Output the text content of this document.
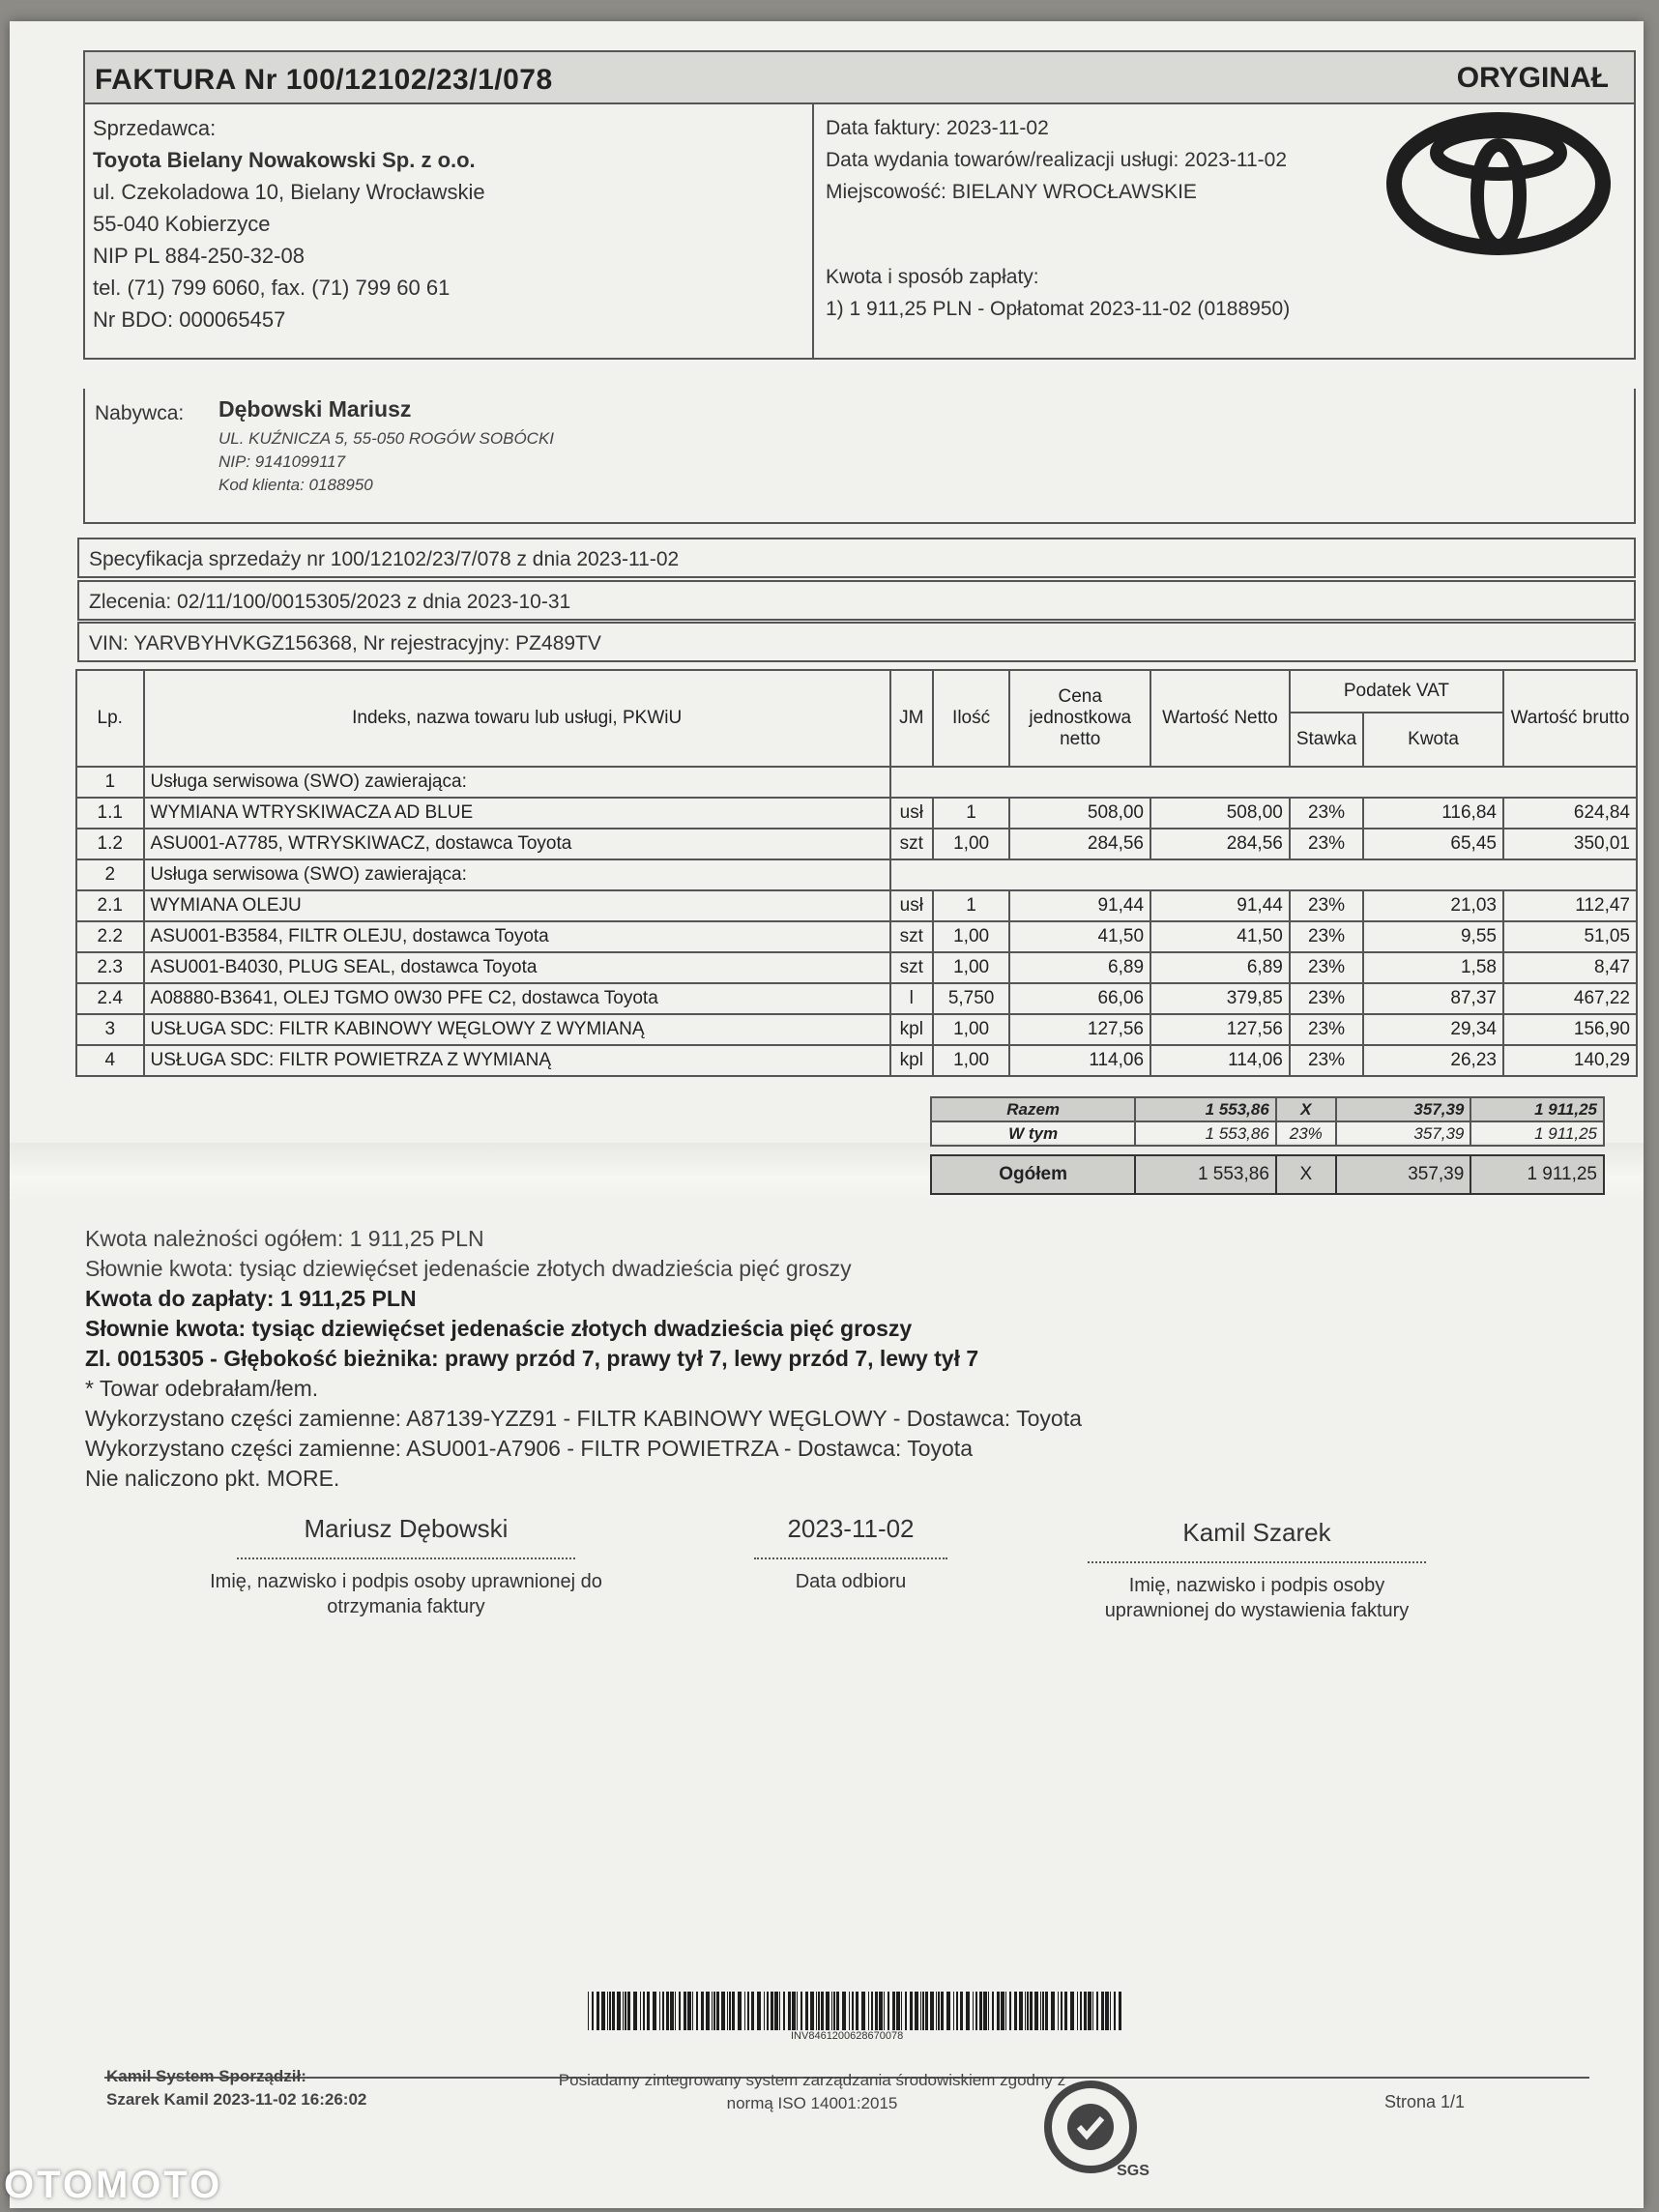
FAKTURA Nr 100/12102/23/1/078	ORYGINAŁ
Sprzedawca:
Toyota Bielany Nowakowski Sp. z o.o.
ul. Czekoladowa 10, Bielany Wrocławskie
55-040 Kobierzyce
NIP PL 884-250-32-08
tel. (71) 799 6060, fax. (71) 799 60 61
Nr BDO: 000065457
Data faktury: 2023-11-02
Data wydania towarów/realizacji usługi: 2023-11-02
Miejscowość: BIELANY WROCŁAWSKIE
Kwota i sposób zapłaty:
1) 1 911,25 PLN - Opłatomat 2023-11-02 (0188950)
Nabywca: Dębowski Mariusz
UL. KUŹNICZA 5, 55-050 ROGÓW SOBÓCKI
NIP: 9141099117
Kod klienta: 0188950
Specyfikacja sprzedaży nr 100/12102/23/7/078 z dnia 2023-11-02
Zlecenia: 02/11/100/0015305/2023 z dnia 2023-10-31
VIN: YARVBYHVKGZ156368, Nr rejestracyjny: PZ489TV
Lp.	Indeks, nazwa towaru lub usługi, PKWiU	JM	Ilość	Cena jednostkowa netto	Wartość Netto	Podatek VAT		Wartość brutto
						Stawka	Kwota	
1	Usługa serwisowa (SWO) zawierająca:							
1.1	WYMIANA WTRYSKIWACZA AD BLUE	usł	1	508,00	508,00	23%	116,84	624,84
1.2	ASU001-A7785, WTRYSKIWACZ, dostawca Toyota	szt	1,00	284,56	284,56	23%	65,45	350,01
2	Usługa serwisowa (SWO) zawierająca:							
2.1	WYMIANA OLEJU	usł	1	91,44	91,44	23%	21,03	112,47
2.2	ASU001-B3584, FILTR OLEJU, dostawca Toyota	szt	1,00	41,50	41,50	23%	9,55	51,05
2.3	ASU001-B4030, PLUG SEAL, dostawca Toyota	szt	1,00	6,89	6,89	23%	1,58	8,47
2.4	A08880-B3641, OLEJ TGMO 0W30 PFE C2, dostawca Toyota	l	5,750	66,06	379,85	23%	87,37	467,22
3	USŁUGA SDC: FILTR KABINOWY WĘGLOWY Z WYMIANĄ	kpl	1,00	127,56	127,56	23%	29,34	156,90
4	USŁUGA SDC: FILTR POWIETRZA Z WYMIANĄ	kpl	1,00	114,06	114,06	23%	26,23	140,29
Razem	1 553,86	X	357,39	1 911,25
W tym	1 553,86	23%	357,39	1 911,25
Ogółem	1 553,86	X	357,39	1 911,25
Kwota należności ogółem: 1 911,25 PLN
Słownie kwota: tysiąc dziewięćset jedenaście złotych dwadzieścia pięć groszy
Kwota do zapłaty: 1 911,25 PLN
Słownie kwota: tysiąc dziewięćset jedenaście złotych dwadzieścia pięć groszy
Zl. 0015305 - Głębokość bieżnika: prawy przód 7, prawy tył 7, lewy przód 7, lewy tył 7
* Towar odebrałam/łem.
Wykorzystano części zamienne: A87139-YZZ91 - FILTR KABINOWY WĘGLOWY - Dostawca: Toyota
Wykorzystano części zamienne: ASU001-A7906 - FILTR POWIETRZA - Dostawca: Toyota
Nie naliczono pkt. MORE.
Mariusz Dębowski
Imię, nazwisko i podpis osoby uprawnionej do otrzymania faktury
2023-11-02
Data odbioru
Kamil Szarek
Imię, nazwisko i podpis osoby uprawnionej do wystawienia faktury
INV8461200628670078
Kamil System Sporządził:
Szarek Kamil 2023-11-02 16:26:02
Posiadamy zintegrowany system zarządzania środowiskiem zgodny z normą ISO 14001:2015
SGS
Strona 1/1
OTOMOTO
